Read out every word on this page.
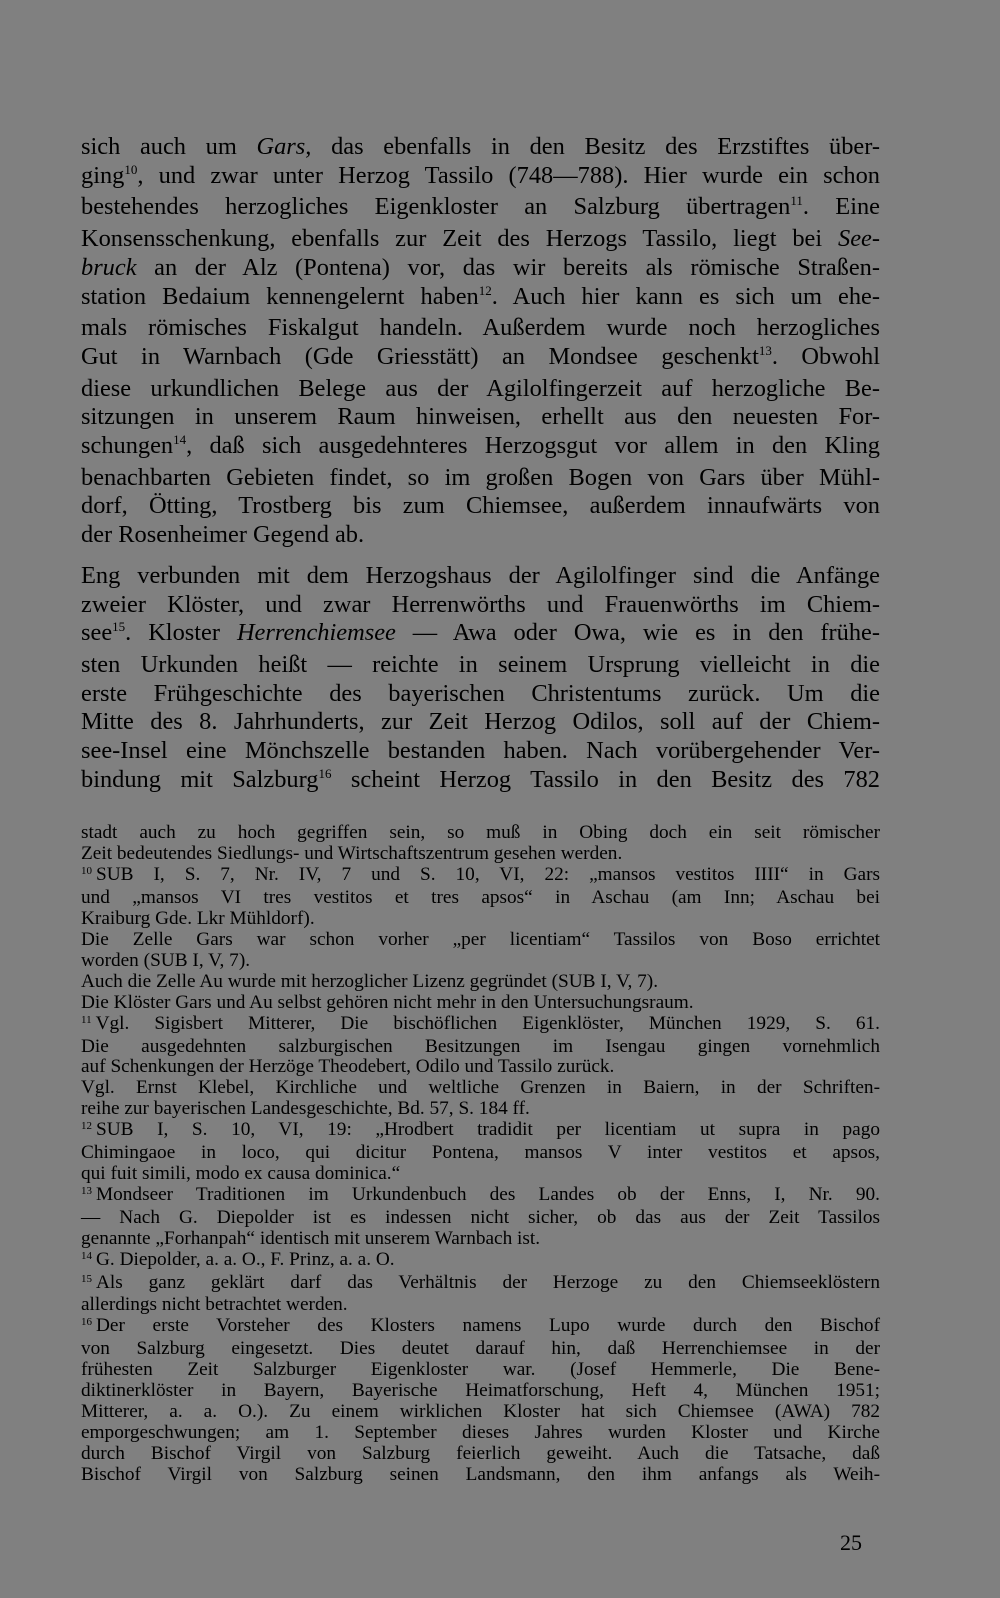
sich auch um Gars, das ebenfalls in den Besitz des Erzstiftes über-
ging$^{10}$, und zwar unter Herzog Tassilo (748—788). Hier wurde ein schon
bestehendes herzogliches Eigenkloster an Salzburg übertragen$^{11}$. Eine
Konsensschenkung, ebenfalls zur Zeit des Herzogs Tassilo, liegt bei See-
bruck an der Alz (Pontena) vor, das wir bereits als römische Straßen-
station Bedaium kennengelernt haben$^{12}$. Auch hier kann es sich um ehe-
mals römisches Fiskalgut handeln. Außerdem wurde noch herzogliches
Gut in Warnbach (Gde Griesstätt) an Mondsee geschenkt$^{13}$. Obwohl
diese urkundlichen Belege aus der Agilolfingerzeit auf herzogliche Be-
sitzungen in unserem Raum hinweisen, erhellt aus den neuesten For-
schungen$^{14}$, daß sich ausgedehnteres Herzogsgut vor allem in den Kling
benachbarten Gebieten findet, so im großen Bogen von Gars über Mühl-
dorf, Ötting, Trostberg bis zum Chiemsee, außerdem innaufwärts von
der Rosenheimer Gegend ab.

Eng verbunden mit dem Herzogshaus der Agilolfinger sind die Anfänge
zweier Klöster, und zwar Herrenwörths und Frauenwörths im Chiem-
see$^{15}$. Kloster Herrenchiemsee — Awa oder Owa, wie es in den frühe-
sten Urkunden heißt — reichte in seinem Ursprung vielleicht in die
erste Frühgeschichte des bayerischen Christentums zurück. Um die
Mitte des 8. Jahrhunderts, zur Zeit Herzog Odilos, soll auf der Chiem-
see-Insel eine Mönchszelle bestanden haben. Nach vorübergehender Ver-
bindung mit Salzburg$^{16}$ scheint Herzog Tassilo in den Besitz des 782

stadt auch zu hoch gegriffen sein, so muß in Obing doch ein seit römischer
Zeit bedeutendes Siedlungs- und Wirtschaftszentrum gesehen werden.
$^{10}$ SUB I, S. 7, Nr. IV, 7 und S. 10, VI, 22: „mansos vestitos IIII“ in Gars
und „mansos VI tres vestitos et tres apsos“ in Aschau (am Inn; Aschau bei
Kraiburg Gde. Lkr Mühldorf).
Die Zelle Gars war schon vorher „per licentiam“ Tassilos von Boso errichtet
worden (SUB I, V, 7).
Auch die Zelle Au wurde mit herzoglicher Lizenz gegründet (SUB I, V, 7).
Die Klöster Gars und Au selbst gehören nicht mehr in den Untersuchungsraum.
$^{11}$ Vgl. Sigisbert Mitterer, Die bischöflichen Eigenklöster, München 1929, S. 61.
Die ausgedehnten salzburgischen Besitzungen im Isengau gingen vornehmlich
auf Schenkungen der Herzöge Theodebert, Odilo und Tassilo zurück.
Vgl. Ernst Klebel, Kirchliche und weltliche Grenzen in Baiern, in der Schriften-
reihe zur bayerischen Landesgeschichte, Bd. 57, S. 184 ff.
$^{12}$ SUB I, S. 10, VI, 19: „Hrodbert tradidit per licentiam ut supra in pago
Chimingaoe in loco, qui dicitur Pontena, mansos V inter vestitos et apsos,
qui fuit simili, modo ex causa dominica.“
$^{13}$ Mondseer Traditionen im Urkundenbuch des Landes ob der Enns, I, Nr. 90.
— Nach G. Diepolder ist es indessen nicht sicher, ob das aus der Zeit Tassilos
genannte „Forhanpah“ identisch mit unserem Warnbach ist.
$^{14}$ G. Diepolder, a. a. O., F. Prinz, a. a. O.
$^{15}$ Als ganz geklärt darf das Verhältnis der Herzoge zu den Chiemseeklöstern
allerdings nicht betrachtet werden.
$^{16}$ Der erste Vorsteher des Klosters namens Lupo wurde durch den Bischof
von Salzburg eingesetzt. Dies deutet darauf hin, daß Herrenchiemsee in der
frühesten Zeit Salzburger Eigenkloster war. (Josef Hemmerle, Die Bene-
diktinerklöster in Bayern, Bayerische Heimatforschung, Heft 4, München 1951;
Mitterer, a. a. O.). Zu einem wirklichen Kloster hat sich Chiemsee (AWA) 782
emporgeschwungen; am 1. September dieses Jahres wurden Kloster und Kirche
durch Bischof Virgil von Salzburg feierlich geweiht. Auch die Tatsache, daß
Bischof Virgil von Salzburg seinen Landsmann, den ihm anfangs als Weih-
25
